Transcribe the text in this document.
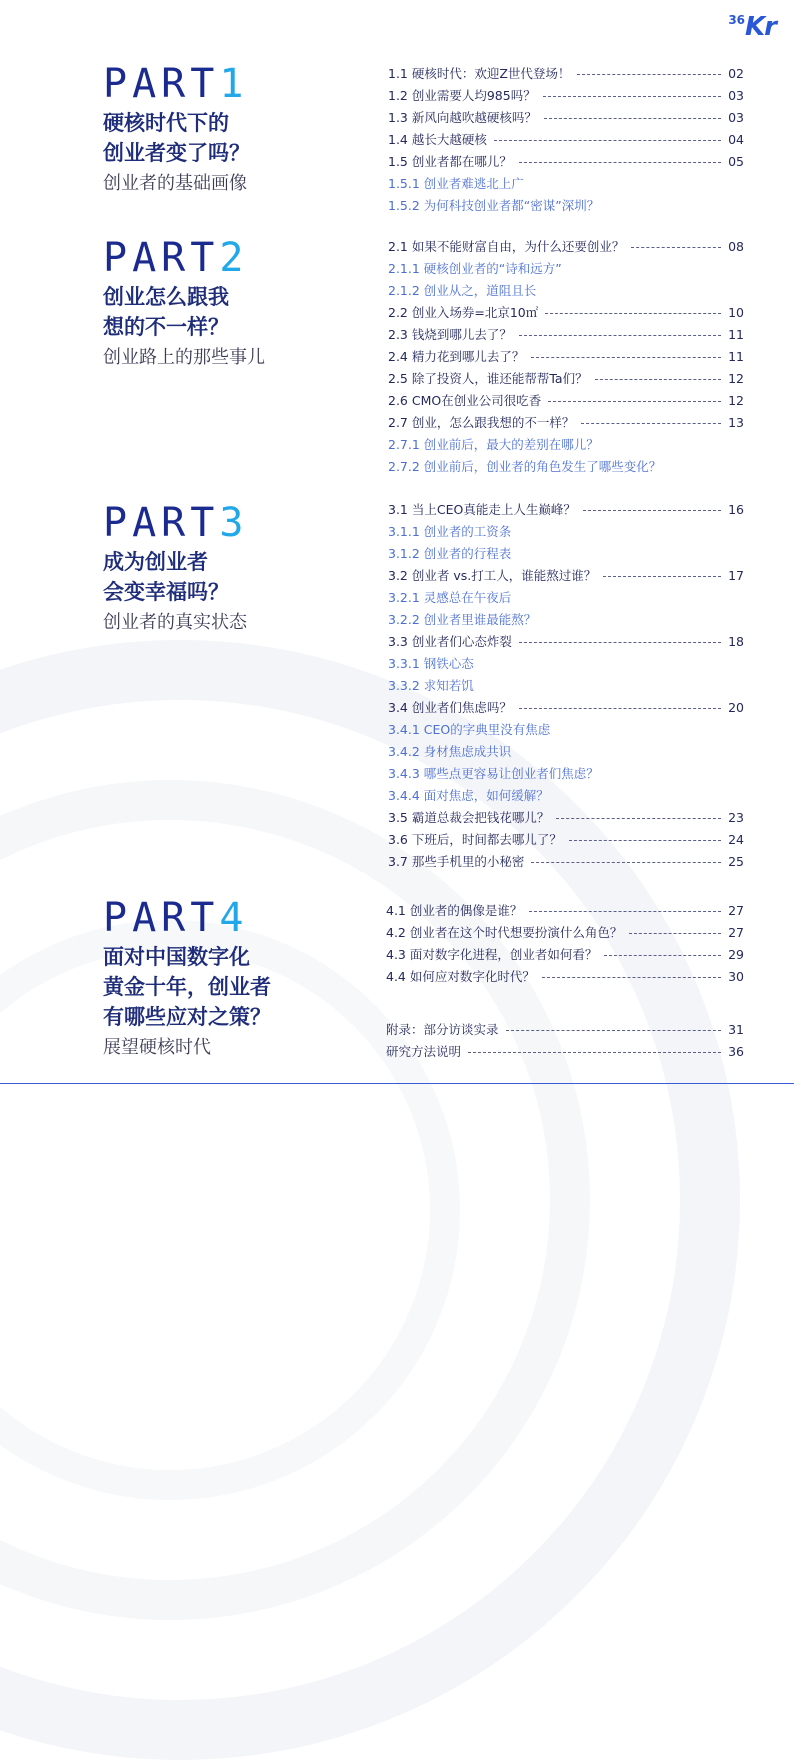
$^{36}$Kr
PART1
硬核时代下的
创业者变了吗？
创业者的基础画像
1.1 硬核时代：欢迎Z世代登场！	02
1.2 创业需要人均985吗？	03
1.3 新风向越吹越硬核吗？	03
1.4 越长大越硬核	04
1.5 创业者都在哪儿？	05
1.5.1 创业者难逃北上广
1.5.2 为何科技创业者都“密谋”深圳？
PART2
创业怎么跟我
想的不一样？
创业路上的那些事儿
2.1 如果不能财富自由，为什么还要创业？	08
2.1.1 硬核创业者的“诗和远方”
2.1.2 创业从之，道阻且长
2.2 创业入场券=北京10㎡	10
2.3 钱烧到哪儿去了？	11
2.4 精力花到哪儿去了？	11
2.5 除了投资人，谁还能帮帮Ta们？	12
2.6 CMO在创业公司很吃香	12
2.7 创业，怎么跟我想的不一样？	13
2.7.1 创业前后，最大的差别在哪儿？
2.7.2 创业前后，创业者的角色发生了哪些变化？
PART3
成为创业者
会变幸福吗？
创业者的真实状态
3.1 当上CEO真能走上人生巅峰？	16
3.1.1 创业者的工资条
3.1.2 创业者的行程表
3.2 创业者 vs.打工人，谁能熬过谁？	17
3.2.1 灵感总在午夜后
3.2.2 创业者里谁最能熬？
3.3 创业者们心态炸裂	18
3.3.1 钢铁心态
3.3.2 求知若饥
3.4 创业者们焦虑吗？	20
3.4.1 CEO的字典里没有焦虑
3.4.2 身材焦虑成共识
3.4.3 哪些点更容易让创业者们焦虑？
3.4.4 面对焦虑，如何缓解？
3.5 霸道总裁会把钱花哪儿？	23
3.6 下班后，时间都去哪儿了？	24
3.7 那些手机里的小秘密	25
PART4
面对中国数字化
黄金十年，创业者
有哪些应对之策？
展望硬核时代
4.1 创业者的偶像是谁？	27
4.2 创业者在这个时代想要扮演什么角色？	27
4.3 面对数字化进程，创业者如何看？	29
4.4 如何应对数字化时代？	30
附录：部分访谈实录	31
研究方法说明	36
